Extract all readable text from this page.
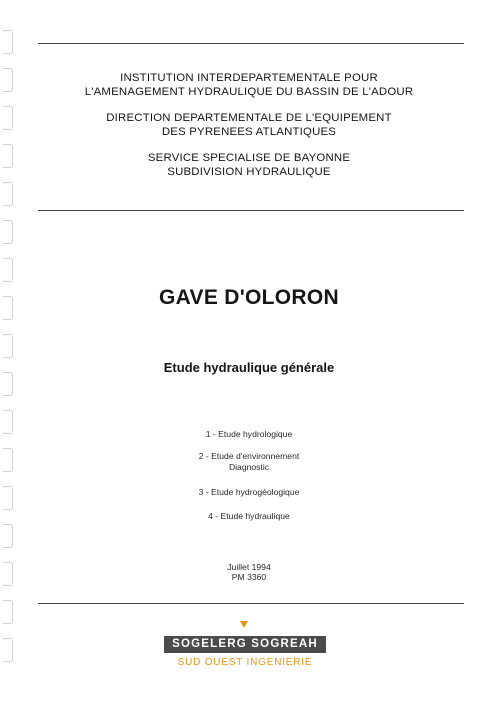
INSTITUTION INTERDEPARTEMENTALE POUR
L'AMENAGEMENT HYDRAULIQUE DU BASSIN DE L'ADOUR
DIRECTION DEPARTEMENTALE DE L'EQUIPEMENT
DES PYRENEES ATLANTIQUES
SERVICE SPECIALISE DE BAYONNE
SUBDIVISION HYDRAULIQUE
GAVE D'OLORON
Etude hydraulique générale
1 - Etude hydrologique
2 - Etude d'environnement
Diagnostic
3 - Etude hydrogéologique
4 - Etude hydraulique
Juillet 1994
PM 3360
SOGELERG SOGREAH
SUD OUEST INGENIERIE
